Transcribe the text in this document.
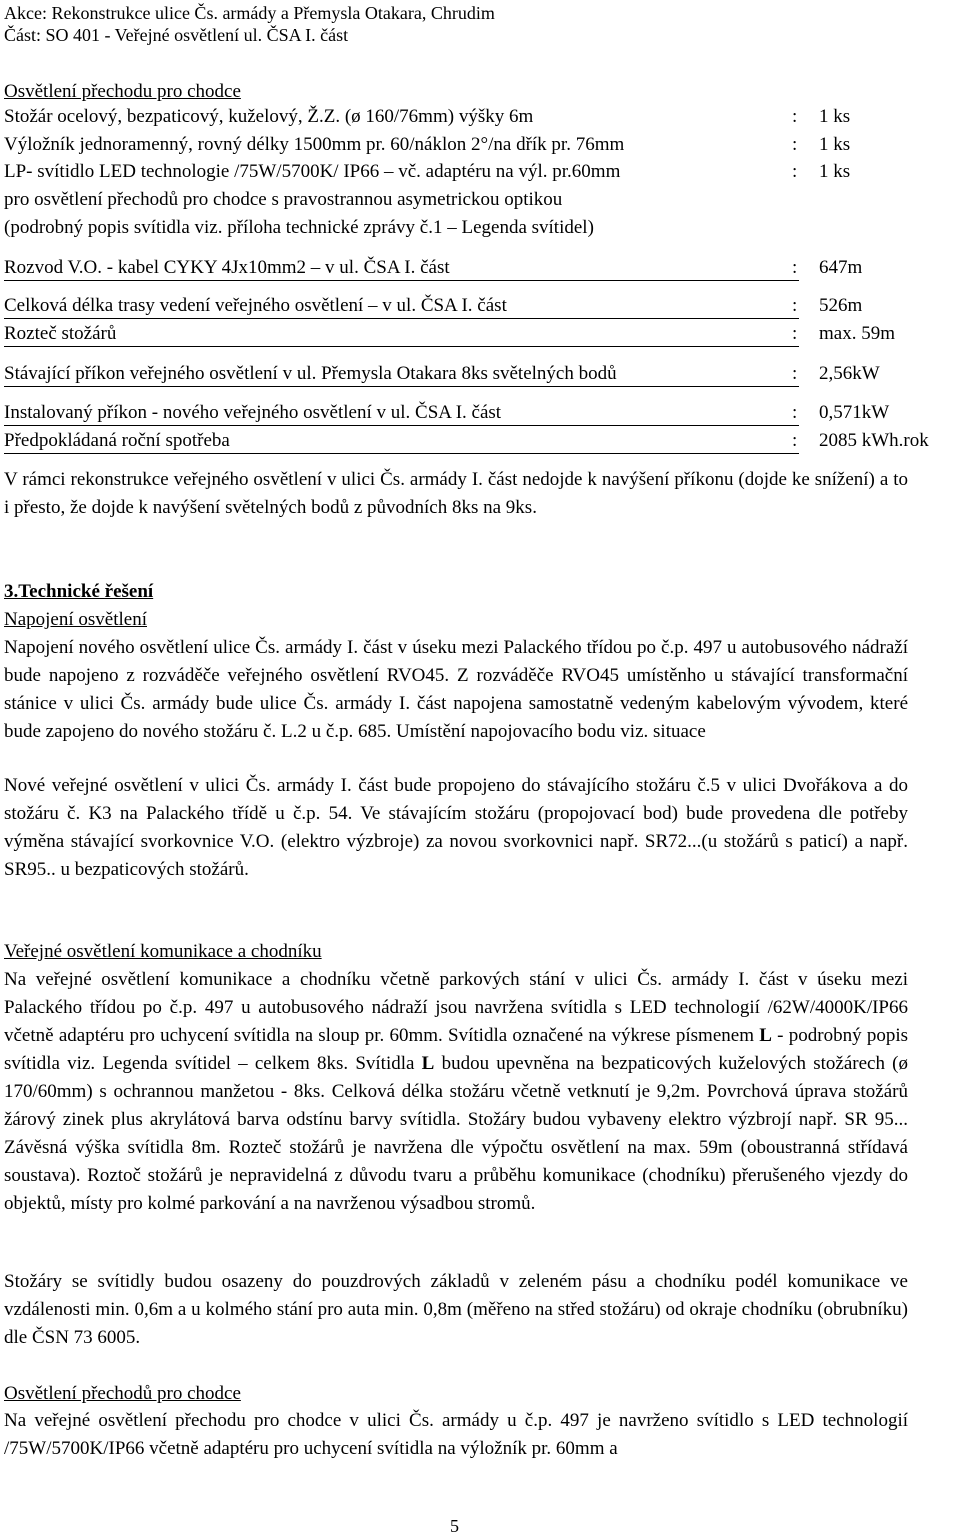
Akce: Rekonstrukce ulice Čs. armády a Přemysla Otakara, Chrudim
Část: SO 401 - Veřejné osvětlení ul. ČSA I. část
Osvětlení přechodu pro chodce
Stožár ocelový, bezpaticový, kuželový, Ž.Z. (ø 160/76mm) výšky 6m	: 1 ks
Výložník jednoramenný, rovný délky 1500mm pr. 60/náklon 2°/na dřík pr. 76mm	: 1 ks
LP- svítidlo LED technologie /75W/5700K/ IP66 – vč. adaptéru na výl. pr.60mm	: 1 ks
pro osvětlení přechodů pro chodce s pravostrannou asymetrickou optikou
(podrobný popis svítidla viz. příloha technické zprávy č.1 – Legenda svítidel)
Rozvod V.O. - kabel CYKY 4Jx10mm2 – v ul. ČSA I. část	: 647m
Celková délka trasy vedení veřejného osvětlení – v ul. ČSA I. část	: 526m
Rozteč stožárů	: max. 59m
Stávající příkon veřejného osvětlení v ul. Přemysla Otakara 8ks světelných bodů	: 2,56kW
Instalovaný příkon - nového veřejného osvětlení v ul. ČSA I. část	: 0,571kW
Předpokládaná roční spotřeba	: 2085 kWh.rok
V rámci rekonstrukce veřejného osvětlení v ulici Čs. armády I. část nedojde k navýšení příkonu (dojde ke snížení) a to i přesto, že dojde k navýšení světelných bodů z původních 8ks na 9ks.
3.Technické řešení
Napojení osvětlení
Napojení nového osvětlení ulice Čs. armády I. část v úseku mezi Palackého třídou po č.p. 497 u autobusového nádraží bude napojeno z rozváděče veřejného osvětlení RVO45. Z rozváděče RVO45 umístěnho u stávající transformační stánice v ulici Čs. armády bude ulice Čs. armády I. část napojena samostatně vedeným kabelovým vývodem, které bude zapojeno do nového stožáru č. L.2 u č.p. 685. Umístění napojovacího bodu viz. situace
Nové veřejné osvětlení v ulici Čs. armády I. část bude propojeno do stávajícího stožáru č.5 v ulici Dvořákova a do stožáru č. K3 na Palackého třídě u č.p. 54. Ve stávajícím stožáru (propojovací bod) bude provedena dle potřeby výměna stávající svorkovnice V.O. (elektro výzbroje) za novou svorkovnici např. SR72...(u stožárů s paticí) a např. SR95.. u bezpaticových stožárů.
Veřejné osvětlení komunikace a chodníku
Na veřejné osvětlení komunikace a chodníku včetně parkových stání v ulici Čs. armády I. část v úseku mezi Palackého třídou po č.p. 497 u autobusového nádraží jsou navržena svítidla s LED technologií /62W/4000K/IP66 včetně adaptéru pro uchycení svítidla na sloup pr. 60mm. Svítidla označené na výkrese písmenem L - podrobný popis svítidla viz. Legenda svítidel – celkem 8ks. Svítidla L budou upevněna na bezpaticových kuželových stožárech (ø 170/60mm) s ochrannou manžetou - 8ks. Celková délka stožáru včetně vetknutí je 9,2m. Povrchová úprava stožárů žárový zinek plus akrylátová barva odstínu barvy svítidla. Stožáry budou vybaveny elektro výzbrojí např. SR 95... Závěsná výška svítidla 8m. Rozteč stožárů je navržena dle výpočtu osvětlení na max. 59m (oboustranná střídavá soustava). Roztoč stožárů je nepravidelná z důvodu tvaru a průběhu komunikace (chodníku) přerušeného vjezdy do objektů, místy pro kolmé parkování a na navrženou výsadbou stromů.
Stožáry se svítidly budou osazeny do pouzdrových základů v zeleném pásu a chodníku podél komunikace ve vzdálenosti min. 0,6m a u kolmého stání pro auta min. 0,8m (měřeno na střed stožáru) od okraje chodníku (obrubníku) dle ČSN 73 6005.
Osvětlení přechodů pro chodce
Na veřejné osvětlení přechodu pro chodce v ulici Čs. armády u č.p. 497 je navrženo svítidlo s LED technologií /75W/5700K/IP66 včetně adaptéru pro uchycení svítidla na výložník pr. 60mm a
5
